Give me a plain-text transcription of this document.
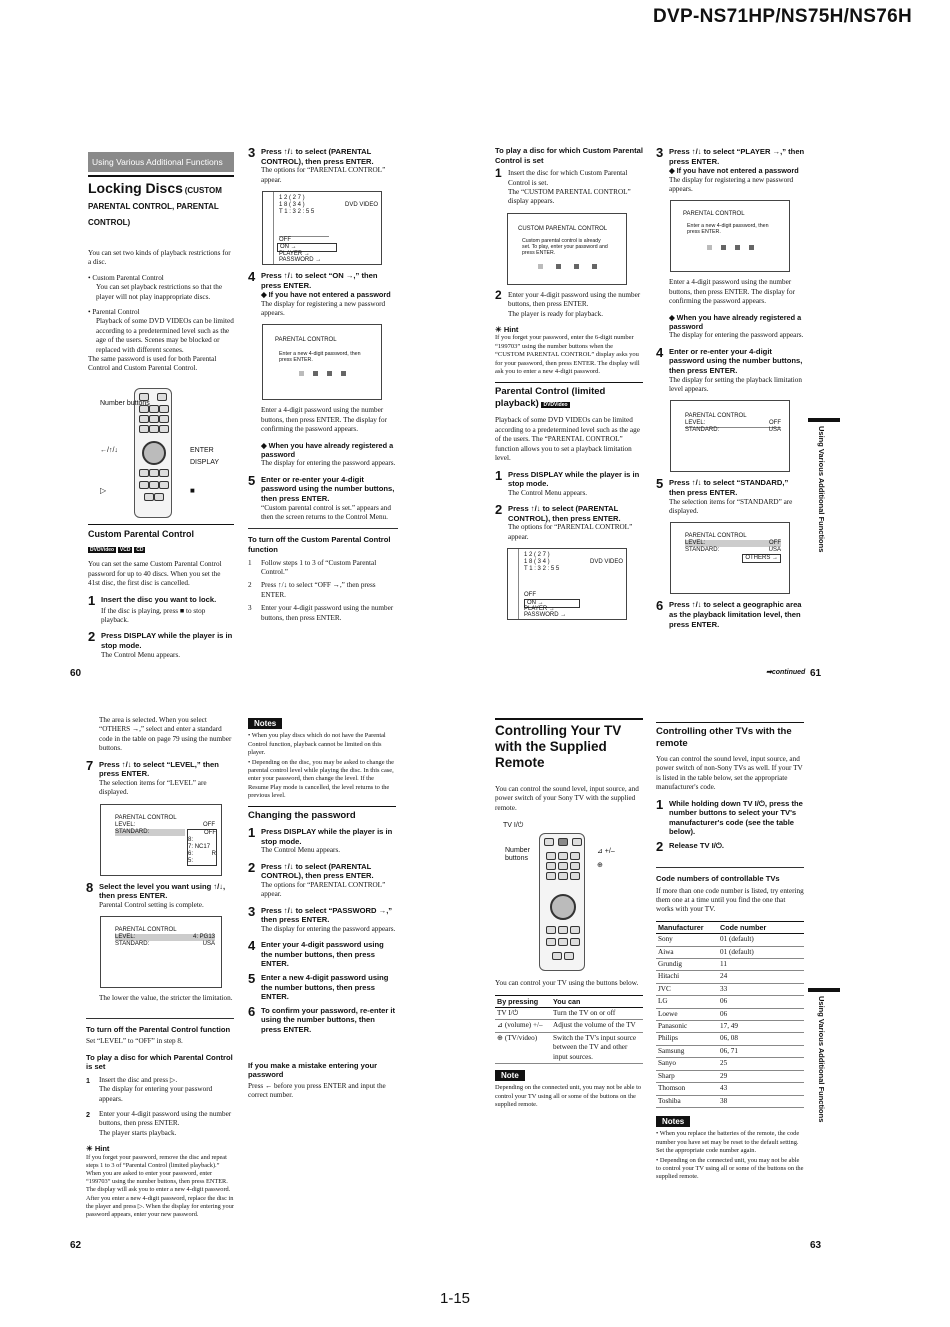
DVP-NS71HP/NS75H/NS76H
Using Various Additional Functions
Locking Discs (CUSTOM PARENTAL CONTROL, PARENTAL CONTROL)

You can set two kinds of playback restrictions for a disc.

• Custom Parental Control

You can set playback restrictions so that the player will not play inappropriate discs.

• Parental Control

Playback of some DVD VIDEOs can be limited according to a predetermined level such as the age of the users. Scenes may be blocked or replaced with different scenes.

The same password is used for both Parental Control and Custom Parental Control.

Number buttons
←/↑/↓	ENTER
DISPLAY
▷	■
Custom Parental Control
DVDVideo VCD CD

You can set the same Custom Parental Control password for up to 40 discs. When you set the 41st disc, the first disc is cancelled.

1 Insert the disc you want to lock.

If the disc is playing, press ■ to stop playback.

2 Press DISPLAY while the player is in stop mode.

The Control Menu appears.

60
3 Press ↑/↓ to select (PARENTAL CONTROL), then press ENTER.

The options for “PARENTAL CONTROL” appear.

1 2 ( 2 7 )
1 8 ( 3 4 )
T 1 : 3 2 : 5 5
DVD VIDEO
OFF
ON →
PLAYER →
PASSWORD →
4 Press ↑/↓ to select “ON →,” then press ENTER.
◆ If you have not entered a password

The display for registering a new password appears.

PARENTAL CONTROL
Enter a new 4-digit password, then press ENTER.

Enter a 4-digit password using the number buttons, then press ENTER. The display for confirming the password appears.

◆ When you have already registered a password

The display for entering the password appears.

5 Enter or re-enter your 4-digit password using the number buttons, then press ENTER.

“Custom parental control is set.” appears and then the screen returns to the Control Menu.

To turn off the Custom Parental Control function
1	Follow steps 1 to 3 of “Custom Parental Control.”
2	Press ↑/↓ to select “OFF →,” then press ENTER.
3	Enter your 4-digit password using the number buttons, then press ENTER.
To play a disc for which Custom Parental Control is set
1 Insert the disc for which Custom Parental Control is set.

The “CUSTOM PARENTAL CONTROL” display appears.

CUSTOM PARENTAL CONTROL
Custom parental control is already set. To play, enter your password and press ENTER.
2 Enter your 4-digit password using the number buttons, then press ENTER.

The player is ready for playback.

☀ Hint

If you forget your password, enter the 6-digit number “199703” using the number buttons when the “CUSTOM PARENTAL CONTROL” display asks you for your password, then press ENTER. The display will ask you to enter a new 4-digit password.

Parental Control (limited playback) DVDVideo

Playback of some DVD VIDEOs can be limited according to a predetermined level such as the age of the users. The “PARENTAL CONTROL” function allows you to set a playback limitation level.

1 Press DISPLAY while the player is in stop mode.

The Control Menu appears.

2 Press ↑/↓ to select (PARENTAL CONTROL), then press ENTER.

The options for “PARENTAL CONTROL” appear.

1 2 ( 2 7 )
1 8 ( 3 4 )
T 1 : 3 2 : 5 5
DVD VIDEO
OFF
ON →
PLAYER →
PASSWORD →
3 Press ↑/↓ to select “PLAYER →,” then press ENTER.
◆ If you have not entered a password

The display for registering a new password appears.

PARENTAL CONTROL
Enter a new 4-digit password, then press ENTER.

Enter a 4-digit password using the number buttons, then press ENTER. The display for confirming the password appears.

◆ When you have already registered a password

The display for entering the password appears.

4 Enter or re-enter your 4-digit password using the number buttons, then press ENTER.

The display for setting the playback limitation level appears.

PARENTAL CONTROL
LEVEL:	OFF
STANDARD:	USA
5 Press ↑/↓ to select “STANDARD,” then press ENTER.

The selection items for “STANDARD” are displayed.

PARENTAL CONTROL
LEVEL:	OFF
STANDARD:	USA
OTHERS →
6 Press ↑/↓ to select a geographic area as the playback limitation level, then press ENTER.
➡continued 61
Using Various Additional Functions

The area is selected. When you select “OTHERS →,” select and enter a standard code in the table on page 79 using the number buttons.

7 Press ↑/↓ to select “LEVEL,” then press ENTER.

The selection items for “LEVEL” are displayed.

PARENTAL CONTROL
LEVEL:	OFF
STANDARD:	OFF
8:
7: NC17
6:	R
5:
8 Select the level you want using ↑/↓, then press ENTER.

Parental Control setting is complete.

PARENTAL CONTROL
LEVEL:	4: PG13
STANDARD:	USA

The lower the value, the stricter the limitation.

To turn off the Parental Control function

Set “LEVEL” to “OFF” in step 8.

To play a disc for which Parental Control is set
1	Insert the disc and press ▷.

The display for entering your password appears.

2	Enter your 4-digit password using the number buttons, then press ENTER.

The player starts playback.

☀ Hint

If you forget your password, remove the disc and repeat steps 1 to 3 of “Parental Control (limited playback).” When you are asked to enter your password, enter “199703” using the number buttons, then press ENTER. The display will ask you to enter a new 4-digit password. After you enter a new 4-digit password, replace the disc in the player and press ▷. When the display for entering your password appears, enter your new password.

62
Notes

• When you play discs which do not have the Parental Control function, playback cannot be limited on this player.

• Depending on the disc, you may be asked to change the parental control level while playing the disc. In this case, enter your password, then change the level. If the Resume Play mode is cancelled, the level returns to the previous level.

Changing the password
1 Press DISPLAY while the player is in stop mode.

The Control Menu appears.

2 Press ↑/↓ to select (PARENTAL CONTROL), then press ENTER.

The options for “PARENTAL CONTROL” appear.

3 Press ↑/↓ to select “PASSWORD →,” then press ENTER.

The display for entering the password appears.

4 Enter your 4-digit password using the number buttons, then press ENTER.
5 Enter a new 4-digit password using the number buttons, then press ENTER.
6 To confirm your password, re-enter it using the number buttons, then press ENTER.
If you make a mistake entering your password

Press ← before you press ENTER and input the correct number.

Controlling Your TV with the Supplied Remote

You can control the sound level, input source, and power switch of your Sony TV with the supplied remote.

TV I/⏻
Number buttons
⊿ +/–
⊕

You can control your TV using the buttons below.

By pressing	You can
TV I/⏻	Turn the TV on or off
⊿ (volume) +/–	Adjust the volume of the TV
⊕ (TV/video)	Switch the TV's input source between the TV and other input sources.
Note

Depending on the connected unit, you may not be able to control your TV using all or some of the buttons on the supplied remote.

Controlling other TVs with the remote

You can control the sound level, input source, and power switch of non-Sony TVs as well. If your TV is listed in the table below, set the appropriate manufacturer's code.

1 While holding down TV I/⏻, press the number buttons to select your TV's manufacturer's code (see the table below).
2 Release TV I/⏻.
Code numbers of controllable TVs

If more than one code number is listed, try entering them one at a time until you find the one that works with your TV.

Manufacturer	Code number
Sony	01 (default)
Aiwa	01 (default)
Grundig	11
Hitachi	24
JVC	33
LG	06
Loewe	06
Panasonic	17, 49
Philips	06, 08
Samsung	06, 71
Sanyo	25
Sharp	29
Thomson	43
Toshiba	38
Notes

• When you replace the batteries of the remote, the code number you have set may be reset to the default setting. Set the appropriate code number again.

• Depending on the connected unit, you may not be able to control your TV using all or some of the buttons on the supplied remote.

63
Using Various Additional Functions
1-15
